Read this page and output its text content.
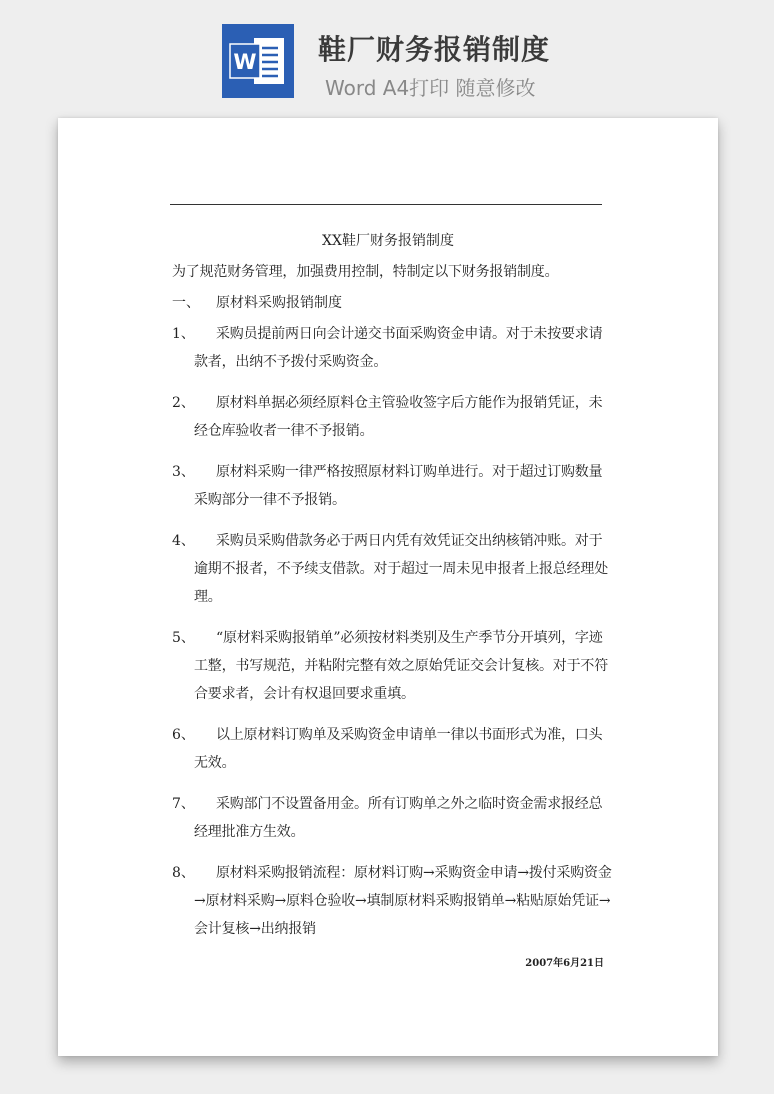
W 鞋厂财务报销制度
Word A4打印 随意修改
XX鞋厂财务报销制度
为了规范财务管理，加强费用控制，特制定以下财务报销制度。
一、 原材料采购报销制度
1、	采购员提前两日向会计递交书面采购资金申请。对于未按要求请款者，出纳不予拨付采购资金。
2、	原材料单据必须经原料仓主管验收签字后方能作为报销凭证，未经仓库验收者一律不予报销。
3、	原材料采购一律严格按照原材料订购单进行。对于超过订购数量采购部分一律不予报销。
4、	采购员采购借款务必于两日内凭有效凭证交出纳核销冲账。对于逾期不报者，不予续支借款。对于超过一周未见申报者上报总经理处理。
5、	“原材料采购报销单”必须按材料类别及生产季节分开填列，字迹工整，书写规范，并粘附完整有效之原始凭证交会计复核。对于不符合要求者，会计有权退回要求重填。
6、	以上原材料订购单及采购资金申请单一律以书面形式为准，口头无效。
7、	采购部门不设置备用金。所有订购单之外之临时资金需求报经总经理批准方生效。
8、	原材料采购报销流程：原材料订购→采购资金申请→拨付采购资金→原材料采购→原料仓验收→填制原材料采购报销单→粘贴原始凭证→会计复核→出纳报销
2007年6月21日
